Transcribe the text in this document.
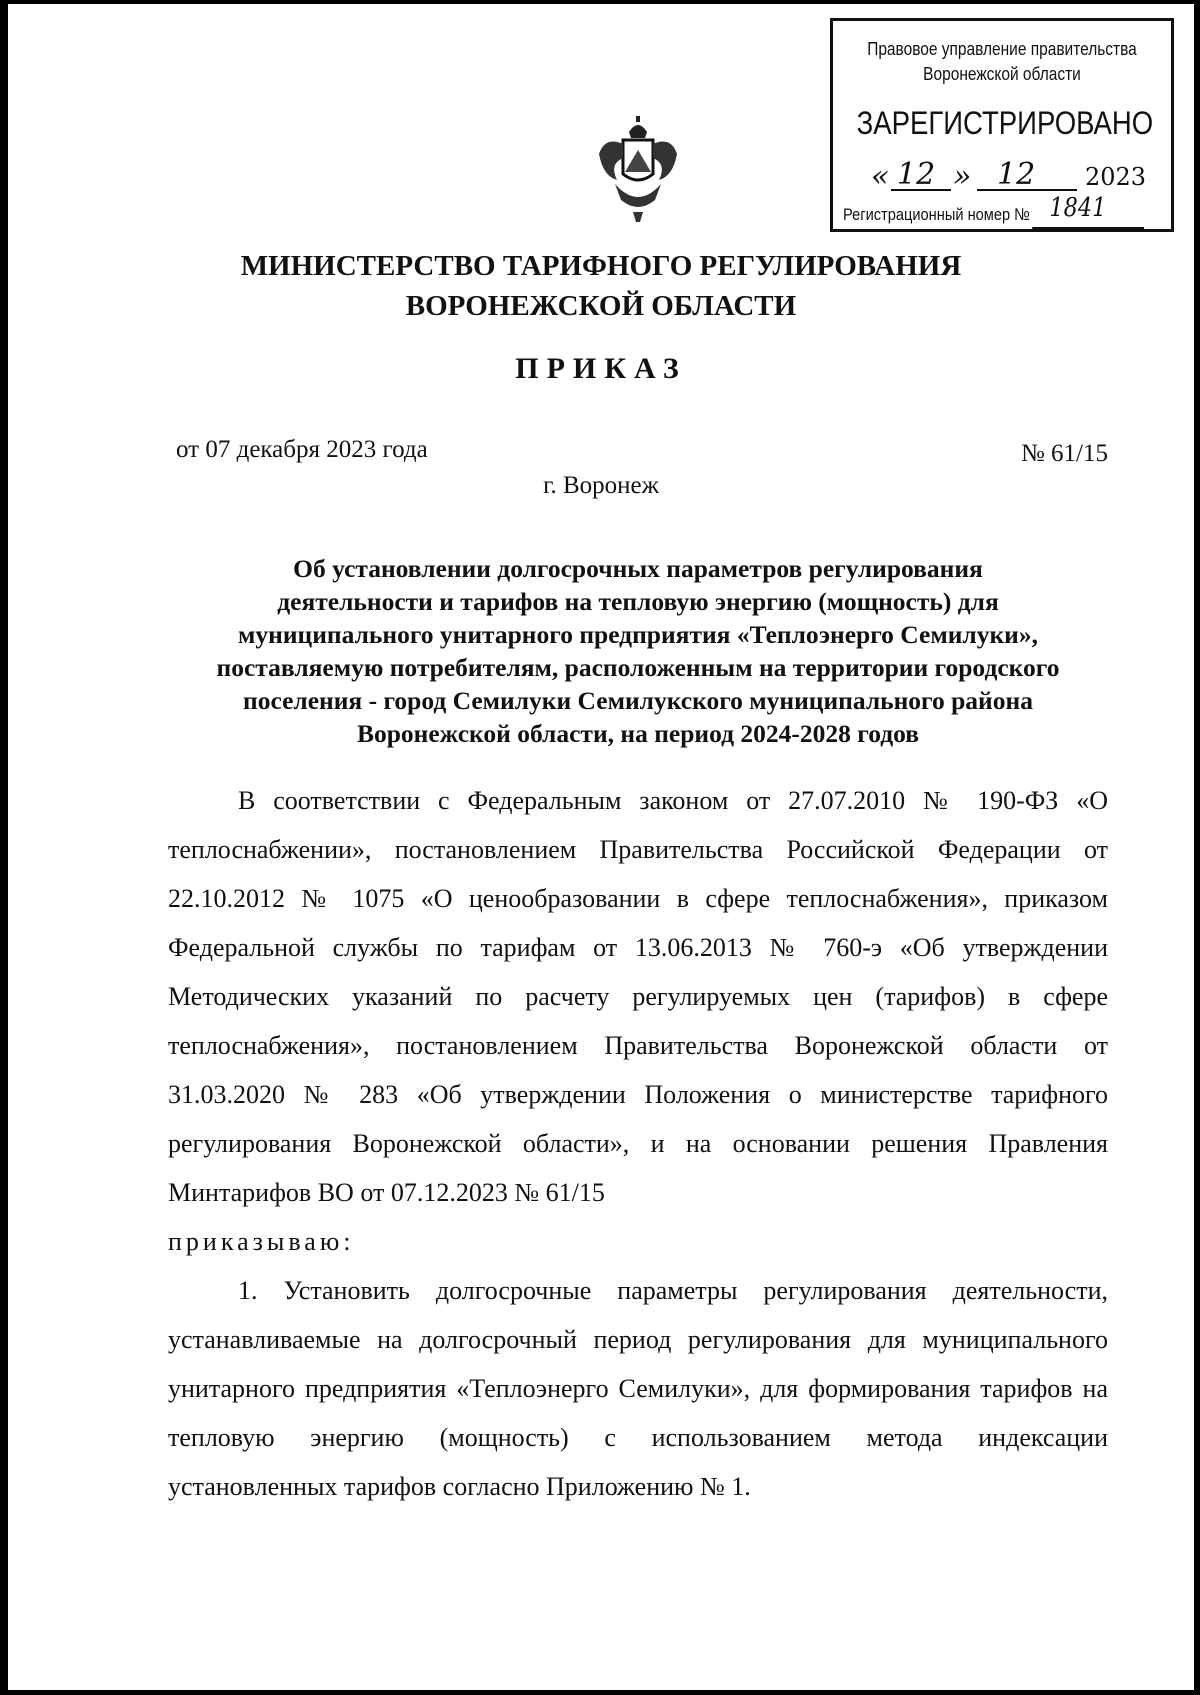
Правовое управление правительства
Воронежской области
ЗАРЕГИСТРИРОВАНО
« 12 » 12 2023
Регистрационный номер № 1841
МИНИСТЕРСТВО ТАРИФНОГО РЕГУЛИРОВАНИЯ
ВОРОНЕЖСКОЙ ОБЛАСТИ
ПРИКАЗ
от 07 декабря 2023 года	№ 61/15
г. Воронеж
Об установлении долгосрочных параметров регулирования
деятельности и тарифов на тепловую энергию (мощность) для
муниципального унитарного предприятия «Теплоэнерго Семилуки»,
поставляемую потребителям, расположенным на территории городского
поселения - город Семилуки Семилукского муниципального района
Воронежской области, на период 2024-2028 годов

В соответствии с Федеральным законом от 27.07.2010 № 190-ФЗ «О теплоснабжении», постановлением Правительства Российской Федерации от 22.10.2012 № 1075 «О ценообразовании в сфере теплоснабжения», приказом Федеральной службы по тарифам от 13.06.2013 № 760-э «Об утверждении Методических указаний по расчету регулируемых цен (тарифов) в сфере теплоснабжения», постановлением Правительства Воронежской области от 31.03.2020 № 283 «Об утверждении Положения о министерстве тарифного регулирования Воронежской области», и на основании решения Правления Минтарифов ВО от 07.12.2023 № 61/15

приказываю:

1. Установить долгосрочные параметры регулирования деятельности, устанавливаемые на долгосрочный период регулирования для муниципального унитарного предприятия «Теплоэнерго Семилуки», для формирования тарифов на тепловую энергию (мощность) с использованием метода индексации установленных тарифов согласно Приложению № 1.
